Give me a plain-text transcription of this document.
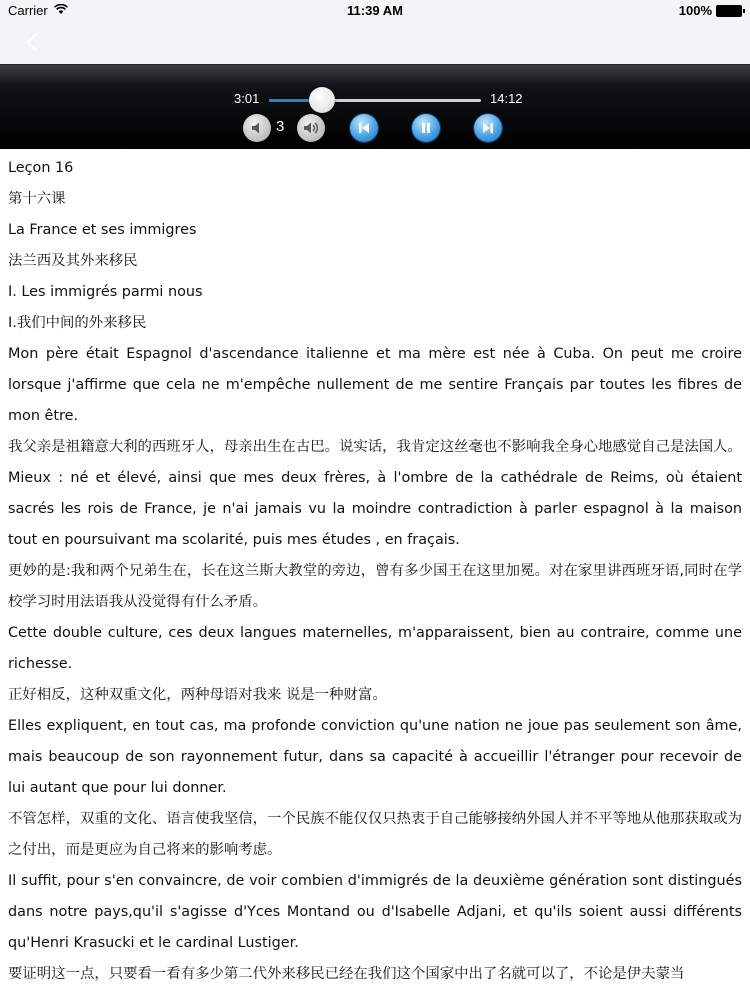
Carrier	11:39 AM	100%
3:01	14:12
3

Leçon 16

第十六课

La France et ses immigres

法兰西及其外来移民

I. Les immigrés parmi nous

I.我们中间的外来移民

Mon père était Espagnol d'ascendance italienne et ma mère est née à Cuba. On peut me croire lorsque j'affirme que cela ne m'empêche nullement de me sentire Français par toutes les fibres de mon être.

我父亲是祖籍意大利的西班牙人，母亲出生在古巴。说实话，我肯定这丝毫也不影响我全身心地感觉自己是法国人。

Mieux : né et élevé, ainsi que mes deux frères, à l'ombre de la cathédrale de Reims, où étaient sacrés les rois de France, je n'ai jamais vu la moindre contradiction à parler espagnol à la maison tout en poursuivant ma scolarité, puis mes études , en fraçais.

更妙的是:我和两个兄弟生在，长在这兰斯大教堂的旁边，曾有多少国王在这里加冕。对在家里讲西班牙语,同时在学校学习时用法语我从没觉得有什么矛盾。

Cette double culture, ces deux langues maternelles, m'apparaissent, bien au contraire, comme une richesse.

正好相反，这种双重文化，两种母语对我来 说是一种财富。

Elles expliquent, en tout cas, ma profonde conviction qu'une nation ne joue pas seulement son âme, mais beaucoup de son rayonnement futur, dans sa capacité à accueillir l'étranger pour recevoir de lui autant que pour lui donner.

不管怎样，双重的文化、语言使我坚信，一个民族不能仅仅只热衷于自己能够接纳外国人并不平等地从他那获取或为之付出，而是更应为自己将来的影响考虑。

Il suffit, pour s'en convaincre, de voir combien d'immigrés de la deuxième génération sont distingués dans notre pays,qu'il s'agisse d'Yces Montand ou d'Isabelle Adjani, et qu'ils soient aussi différents qu'Henri Krasucki et le cardinal Lustiger.

要证明这一点，只要看一看有多少第二代外来移民已经在我们这个国家中出了名就可以了，不论是伊夫蒙当
